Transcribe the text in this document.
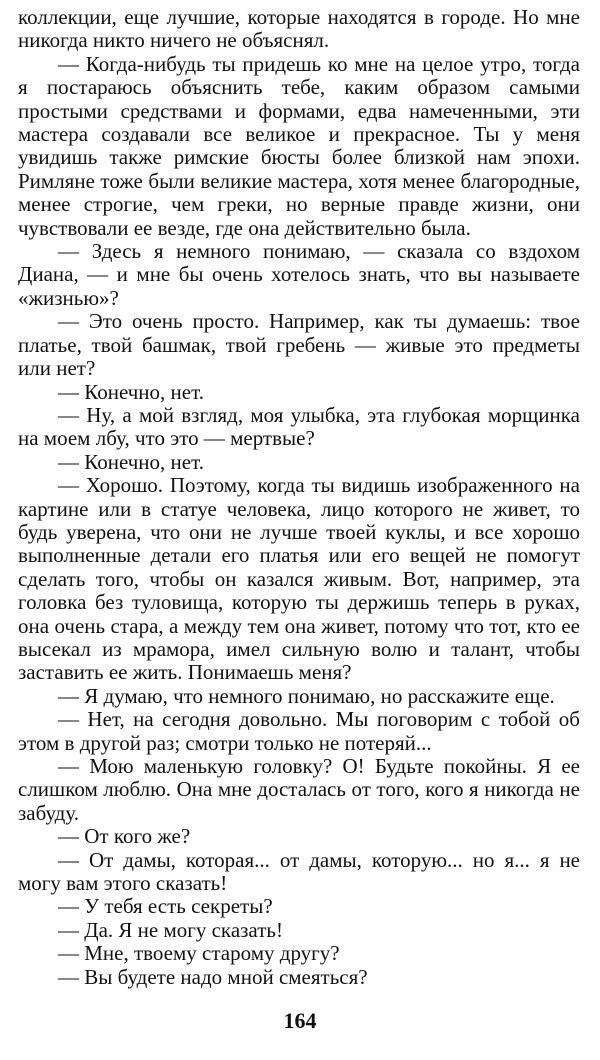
коллекции, еще лучшие, которые находятся в городе. Но мне никогда никто ничего не объяснял.

— Когда-нибудь ты придешь ко мне на целое утро, тогда я постараюсь объяснить тебе, каким образом самыми простыми средствами и формами, едва намеченными, эти мастера создавали все великое и прекрасное. Ты у меня увидишь также римские бюсты более близкой нам эпохи. Римляне тоже были великие мастера, хотя менее благородные, менее строгие, чем греки, но верные правде жизни, они чувствовали ее везде, где она действительно была.

— Здесь я немного понимаю, — сказала со вздохом Диана, — и мне бы очень хотелось знать, что вы называете «жизнью»?

— Это очень просто. Например, как ты думаешь: твое платье, твой башмак, твой гребень — живые это предметы или нет?

— Конечно, нет.

— Ну, а мой взгляд, моя улыбка, эта глубокая морщинка на моем лбу, что это — мертвые?

— Конечно, нет.

— Хорошо. Поэтому, когда ты видишь изображенного на картине или в статуе человека, лицо которого не живет, то будь уверена, что они не лучше твоей куклы, и все хорошо выполненные детали его платья или его вещей не помогут сделать того, чтобы он казался живым. Вот, например, эта головка без туловища, которую ты держишь теперь в руках, она очень стара, а между тем она живет, потому что тот, кто ее высекал из мрамора, имел сильную волю и талант, чтобы заставить ее жить. Понимаешь меня?

— Я думаю, что немного понимаю, но расскажите еще.

— Нет, на сегодня довольно. Мы поговорим с тобой об этом в другой раз; смотри только не потеряй...

— Мою маленькую головку? О! Будьте покойны. Я ее слишком люблю. Она мне досталась от того, кого я никогда не забуду.

— От кого же?

— От дамы, которая... от дамы, которую... но я... я не могу вам этого сказать!

— У тебя есть секреты?

— Да. Я не могу сказать!

— Мне, твоему старому другу?

— Вы будете надо мной смеяться?

164
